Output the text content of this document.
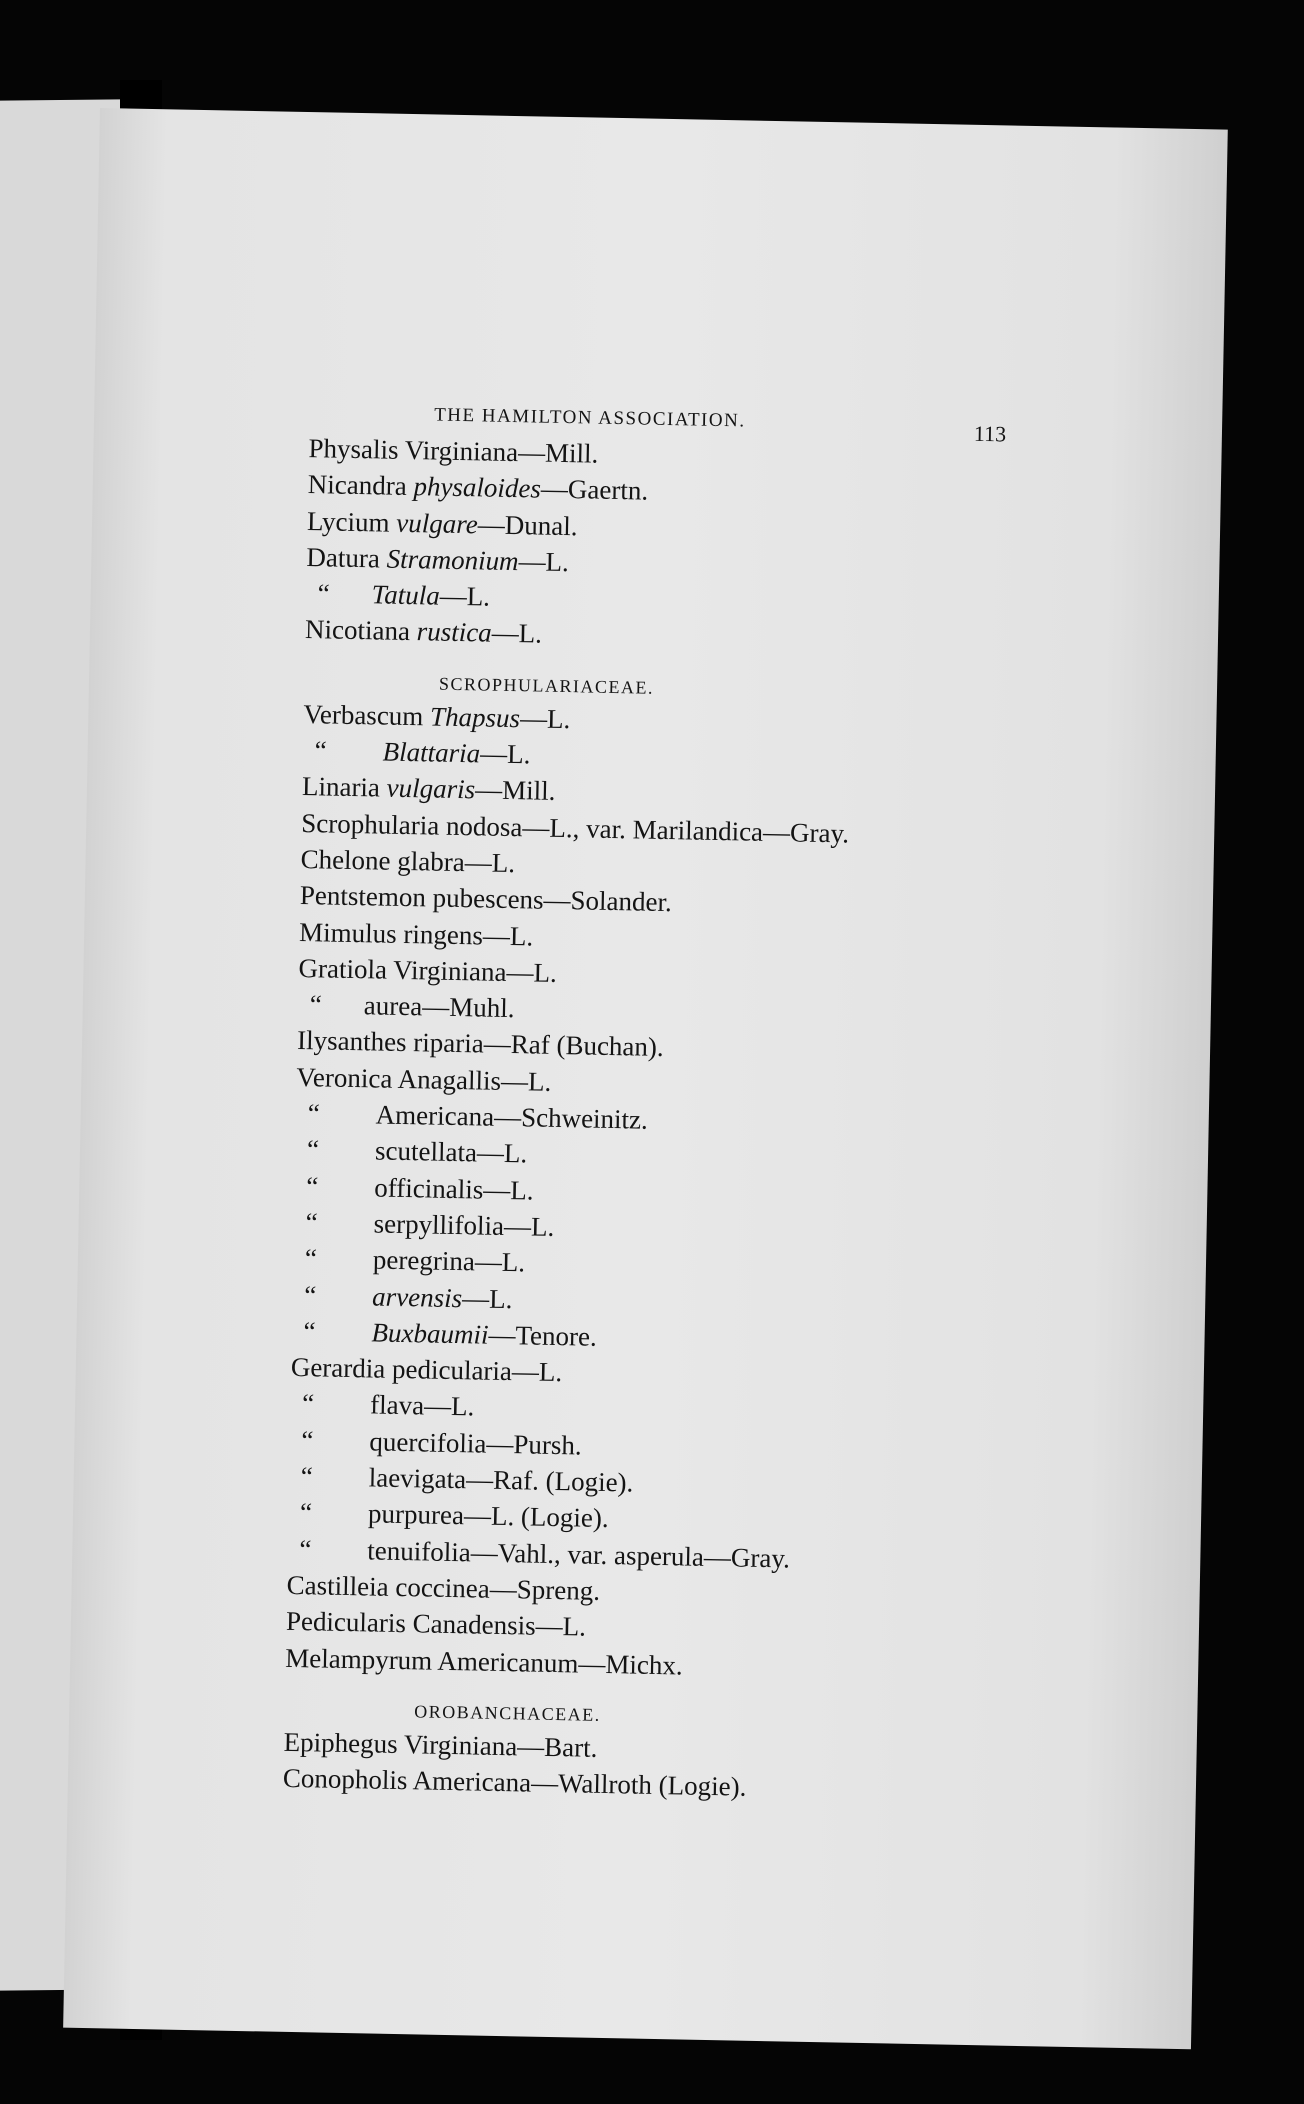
THE HAMILTON ASSOCIATION.
113
Physalis Virginiana—Mill.
Nicandra physaloides—Gaertn.
Lycium vulgare—Dunal.
Datura Stramonium—L.
“ Tatula—L.
Nicotiana rustica—L.
SCROPHULARIACEAE.
Verbascum Thapsus—L.
“ Blattaria—L.
Linaria vulgaris—Mill.
Scrophularia nodosa—L., var. Marilandica—Gray.
Chelone glabra—L.
Pentstemon pubescens—Solander.
Mimulus ringens—L.
Gratiola Virginiana—L.
“ aurea—Muhl.
Ilysanthes riparia—Raf (Buchan).
Veronica Anagallis—L.
“ Americana—Schweinitz.
“ scutellata—L.
“ officinalis—L.
“ serpyllifolia—L.
“ peregrina—L.
“ arvensis—L.
“ Buxbaumii—Tenore.
Gerardia pedicularia—L.
“ flava—L.
“ quercifolia—Pursh.
“ laevigata—Raf. (Logie).
“ purpurea—L. (Logie).
“ tenuifolia—Vahl., var. asperula—Gray.
Castilleia coccinea—Spreng.
Pedicularis Canadensis—L.
Melampyrum Americanum—Michx.
OROBANCHACEAE.
Epiphegus Virginiana—Bart.
Conopholis Americana—Wallroth (Logie).
